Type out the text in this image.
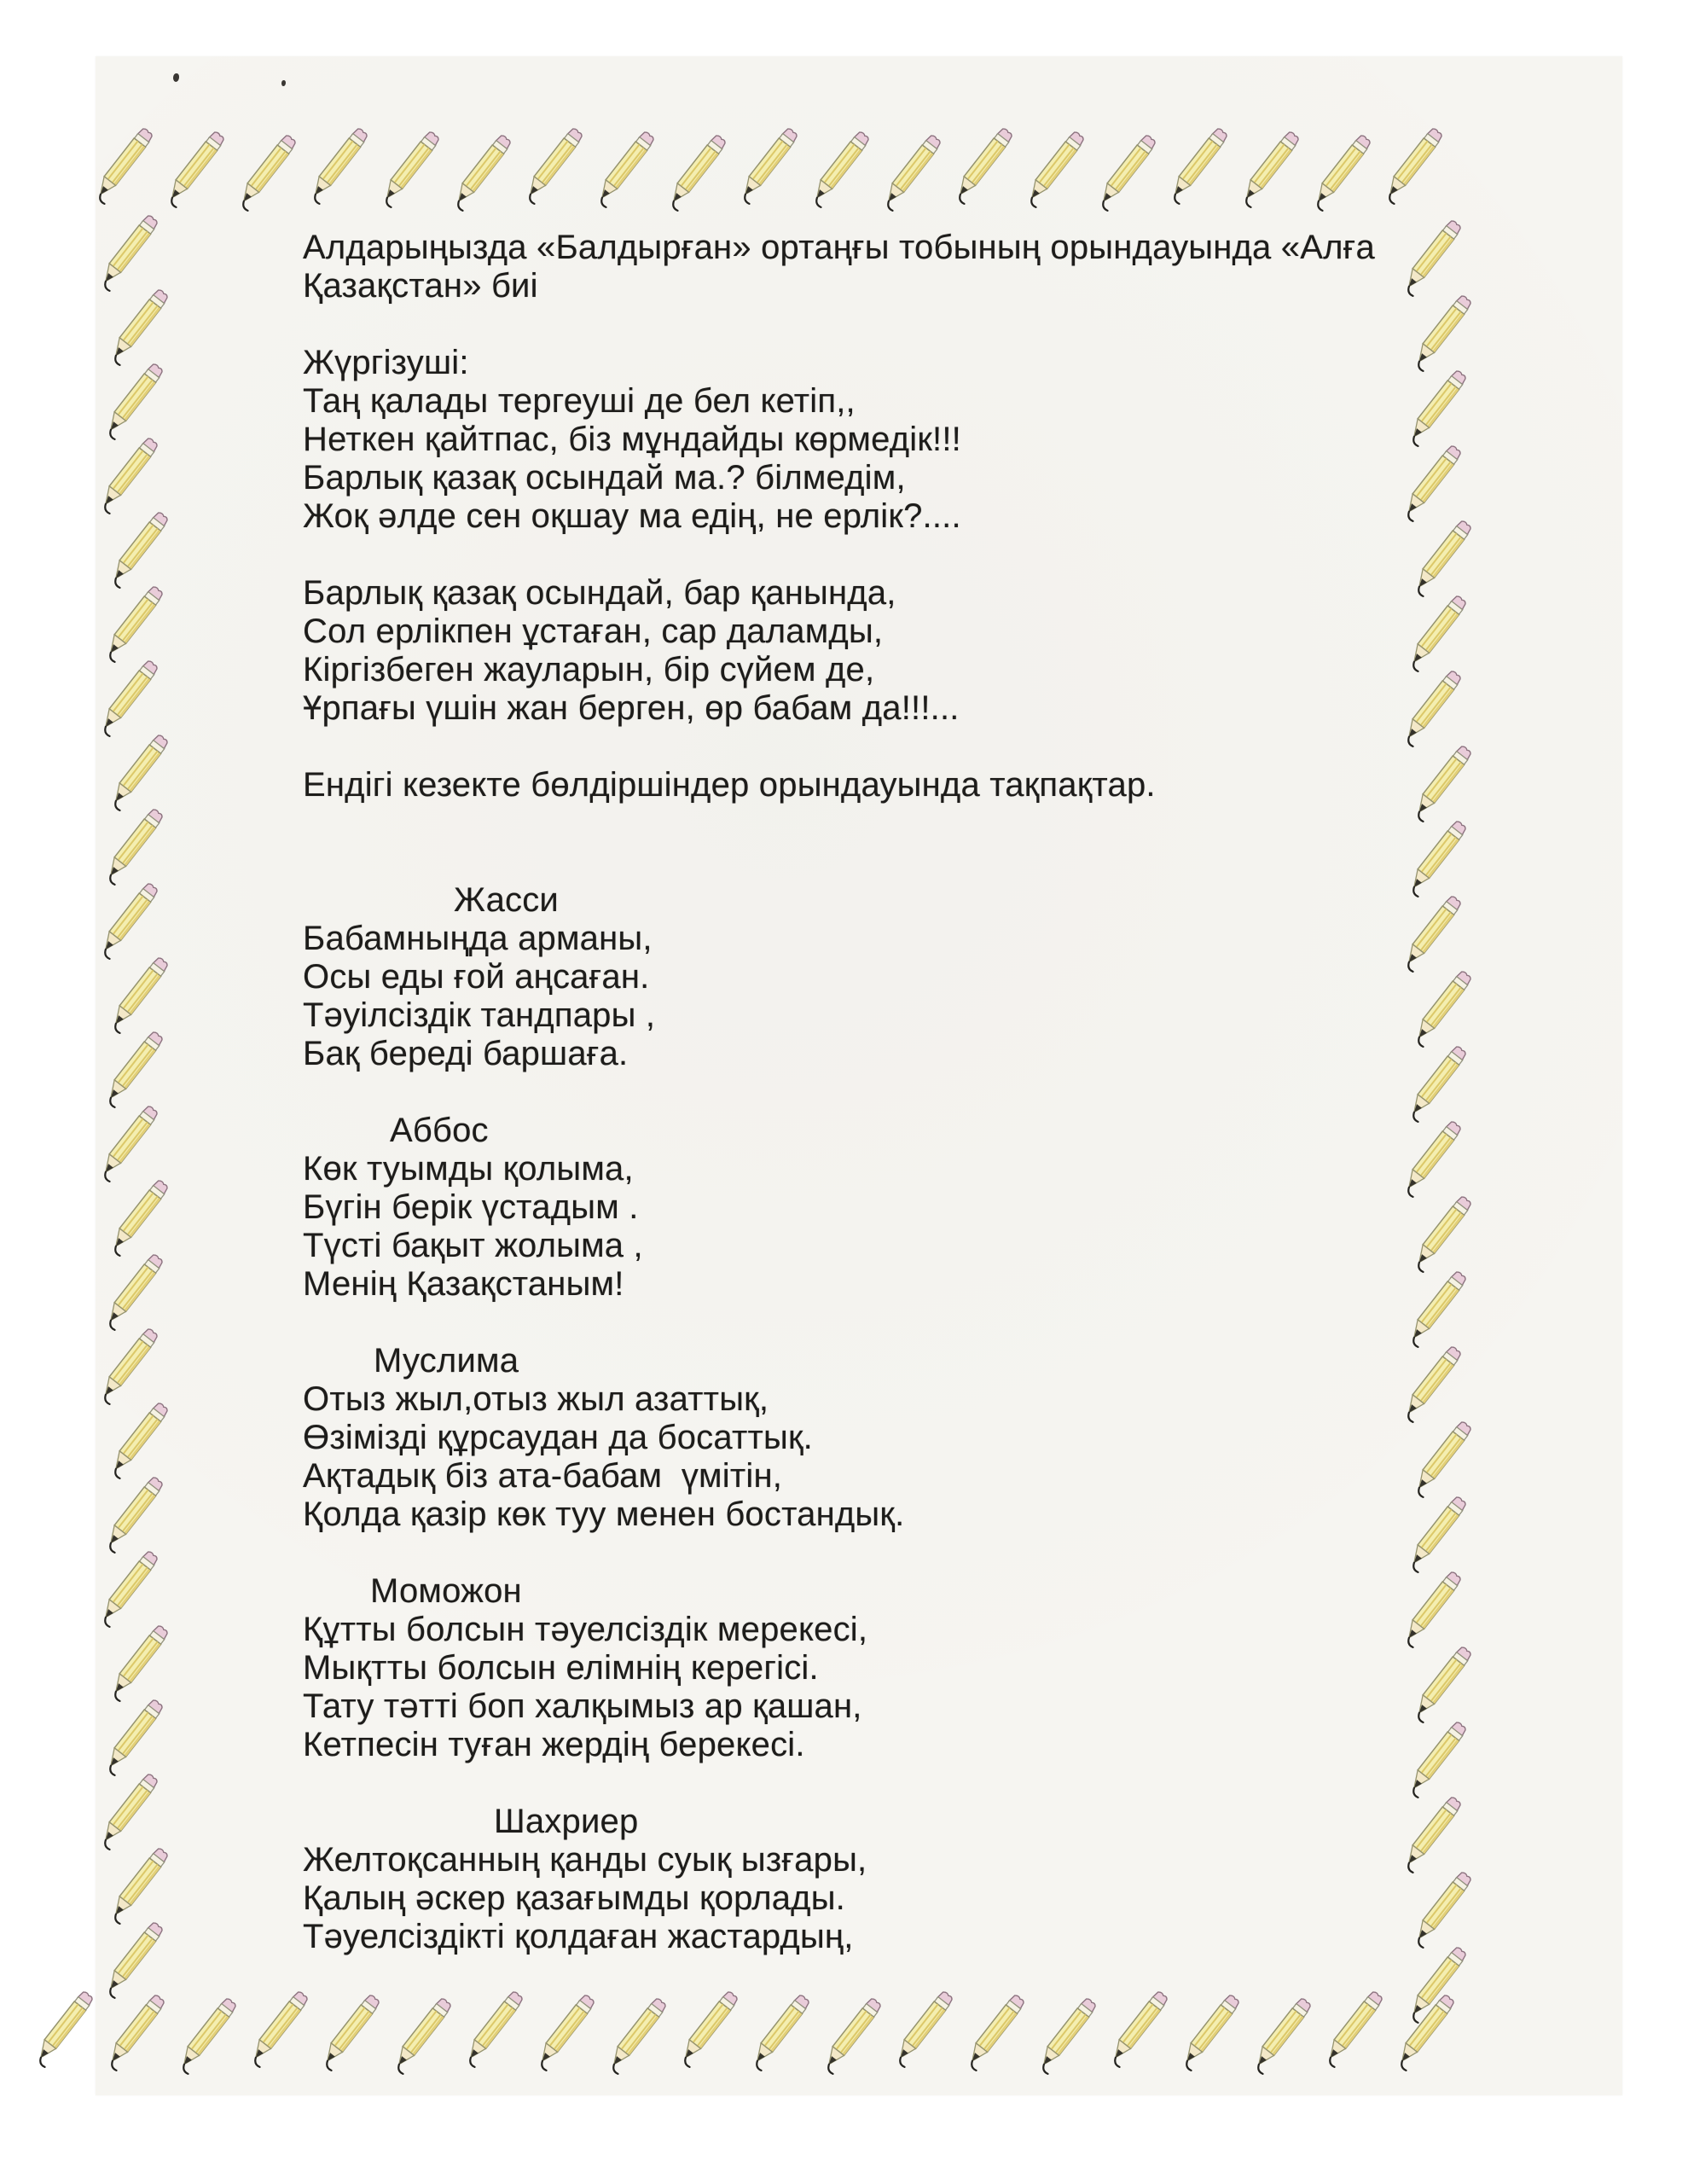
Алдарыңызда «Балдырған» ортаңғы тобының орындауында «Алға
Қазақстан» биі
Жүргізуші:
Таң қалады тергеуші де бел кетіп,,
Неткен қайтпас, біз мұндайды көрмедік!!!
Барлық қазақ осындай ма.? білмедім,
Жоқ әлде сен оқшау ма едің, не ерлік?....
Барлық қазақ осындай, бар қанында,
Сол ерлікпен ұстаған, сар даламды,
Кіргізбеген жауларын, бір сүйем де,
Ұрпағы үшін жан берген, өр бабам да!!!...
Ендігі кезекте бөлдіршіндер орындауында тақпақтар.
Жасси
Бабамныңда арманы,
Осы еды ғой аңсаған.
Тәуілсіздік тандпары ,
Бақ береді баршаға.
Аббос
Көк туымды қолыма,
Бүгін берік үстадым .
Түсті бақыт жолыма ,
Менің Қазақстаным!
Муслима
Отыз жыл,отыз жыл азаттық,
Өзімізді құрсаудан да босаттық.
Ақтадық біз ата-бабам  үмітін,
Қолда қазір көк туу менен бостандық.
Моможон
Құтты болсын тәуелсіздік мерекесі,
Мықтты болсын елімнің керегісі.
Тату тәтті боп халқымыз ар қашан,
Кетпесін туған жердің берекесі.
Шахриер
Желтоқсанның қанды суық ызғары,
Қалың әскер қазағымды қорлады.
Тәуелсіздікті қолдаған жастардың,
